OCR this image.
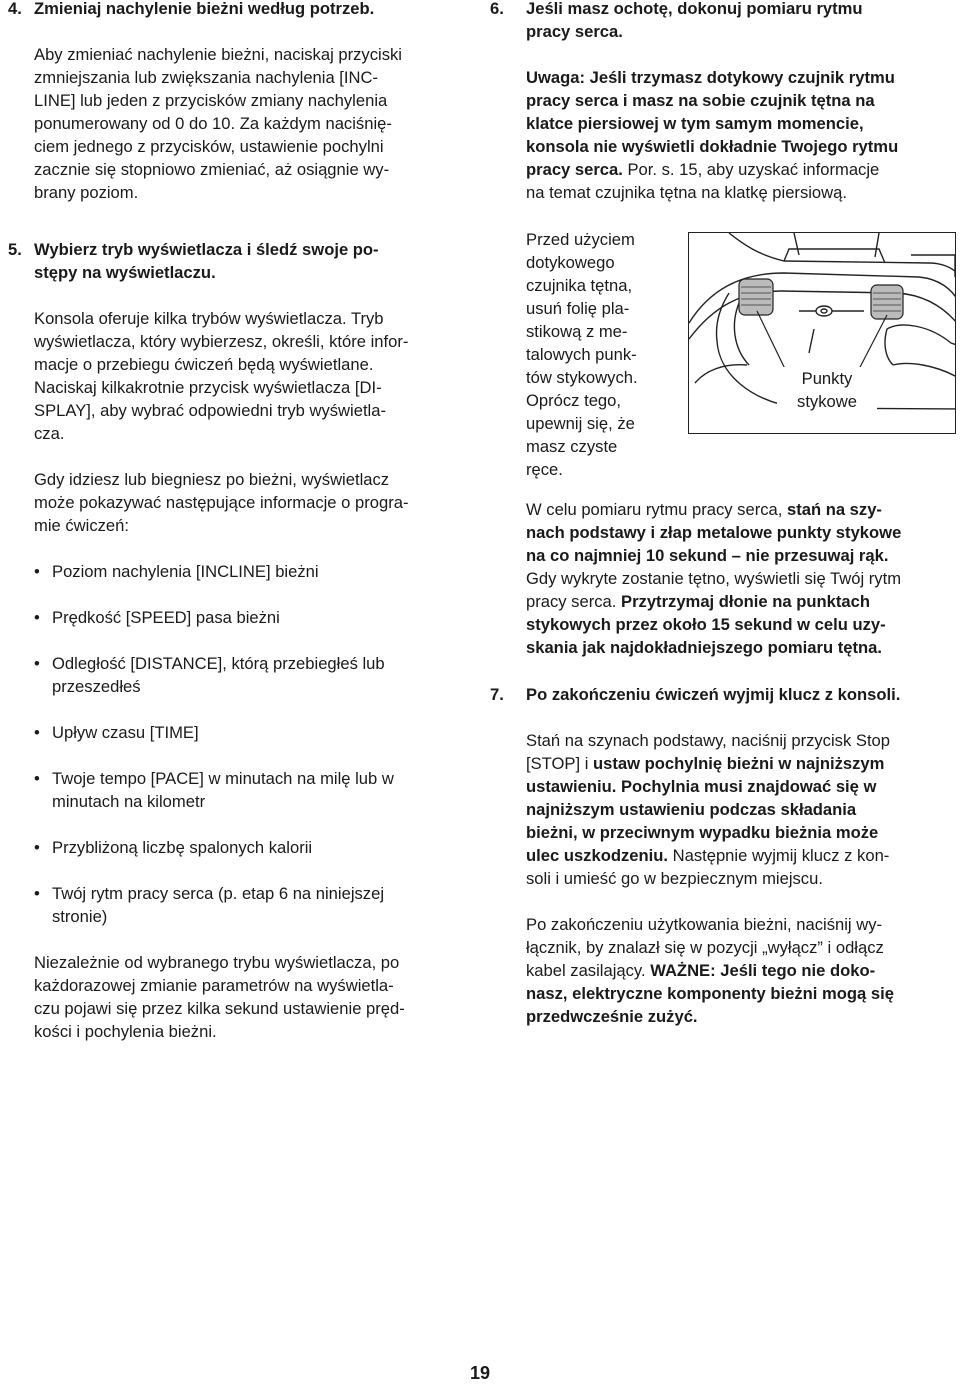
4. Zmieniaj nachylenie bieżni według potrzeb.

Aby zmieniać nachylenie bieżni, naciskaj przyciski

zmniejszania lub zwiększania nachylenia [INC-

LINE] lub jeden z przycisków zmiany nachylenia

ponumerowany od 0 do 10. Za każdym naciśnię-

ciem jednego z przycisków, ustawienie pochylni

zacznie się stopniowo zmieniać, aż osiągnie wy-

brany poziom.

5. Wybierz tryb wyświetlacza i śledź swoje po-
stępy na wyświetlaczu.

Konsola oferuje kilka trybów wyświetlacza. Tryb

wyświetlacza, który wybierzesz, określi, które infor-

macje o przebiegu ćwiczeń będą wyświetlane.

Naciskaj kilkakrotnie przycisk wyświetlacza [DI-

SPLAY], aby wybrać odpowiedni tryb wyświetla-

cza.

Gdy idziesz lub biegniesz po bieżni, wyświetlacz

może pokazywać następujące informacje o progra-

mie ćwiczeń:

• Poziom nachylenia [INCLINE] bieżni
• Prędkość [SPEED] pasa bieżni
• Odległość [DISTANCE], którą przebiegłeś lub
przeszedłeś
• Upływ czasu [TIME]
• Twoje tempo [PACE] w minutach na milę lub w
minutach na kilometr
• Przybliżoną liczbę spalonych kalorii
• Twój rytm pracy serca (p. etap 6 na niniejszej
stronie)

Niezależnie od wybranego trybu wyświetlacza, po

każdorazowej zmianie parametrów na wyświetla-

czu pojawi się przez kilka sekund ustawienie pręd-

kości i pochylenia bieżni.

6.	Jeśli masz ochotę, dokonuj pomiaru rytmu
pracy serca.

Uwaga: Jeśli trzymasz dotykowy czujnik rytmu

pracy serca i masz na sobie czujnik tętna na

klatce piersiowej w tym samym momencie,

konsola nie wyświetli dokładnie Twojego rytmu

pracy serca. Por. s. 15, aby uzyskać informacje

na temat czujnika tętna na klatkę piersiową.

Przed użyciem

dotykowego

czujnika tętna,

usuń folię pla-

stikową z me-

talowych punk-

tów stykowych.

Oprócz tego,

upewnij się, że

masz czyste

ręce.

Punkty
stykowe

W celu pomiaru rytmu pracy serca, stań na szy-

nach podstawy i złap metalowe punkty stykowe

na co najmniej 10 sekund – nie przesuwaj rąk.

Gdy wykryte zostanie tętno, wyświetli się Twój rytm

pracy serca. Przytrzymaj dłonie na punktach

stykowych przez około 15 sekund w celu uzy-

skania jak najdokładniejszego pomiaru tętna.

7.	Po zakończeniu ćwiczeń wyjmij klucz z konsoli.

Stań na szynach podstawy, naciśnij przycisk Stop

[STOP] i ustaw pochylnię bieżni w najniższym

ustawieniu. Pochylnia musi znajdować się w

najniższym ustawieniu podczas składania

bieżni, w przeciwnym wypadku bieżnia może

ulec uszkodzeniu. Następnie wyjmij klucz z kon-

soli i umieść go w bezpiecznym miejscu.

Po zakończeniu użytkowania bieżni, naciśnij wy-

łącznik, by znalazł się w pozycji „wyłącz” i odłącz

kabel zasilający. WAŻNE: Jeśli tego nie doko-

nasz, elektryczne komponenty bieżni mogą się

przedwcześnie zużyć.

19
